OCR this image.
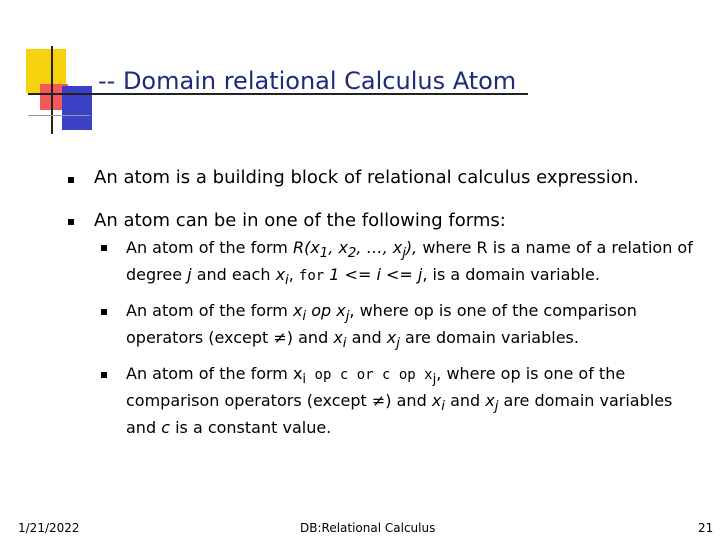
-- Domain relational Calculus Atom
An atom is a building block of relational calculus expression.
An atom can be in one of the following forms:
An atom of the form $R(x_1$, $x_2$, …, $x_j$), where R is a name of a relation of degree j and each $x_i$, for 1 <= i <= j, is a domain variable.
An atom of the form $x_i$ op $x_j$, where op is one of the comparison operators (except ≠) and $x_i$ and $x_j$ are domain variables.
An atom of the form $x_i$ op c or c op $x_j$, where op is one of the comparison operators (except ≠) and $x_i$ and $x_j$ are domain variables and c is a constant value.
1/21/2022	DB:Relational Calculus	21
